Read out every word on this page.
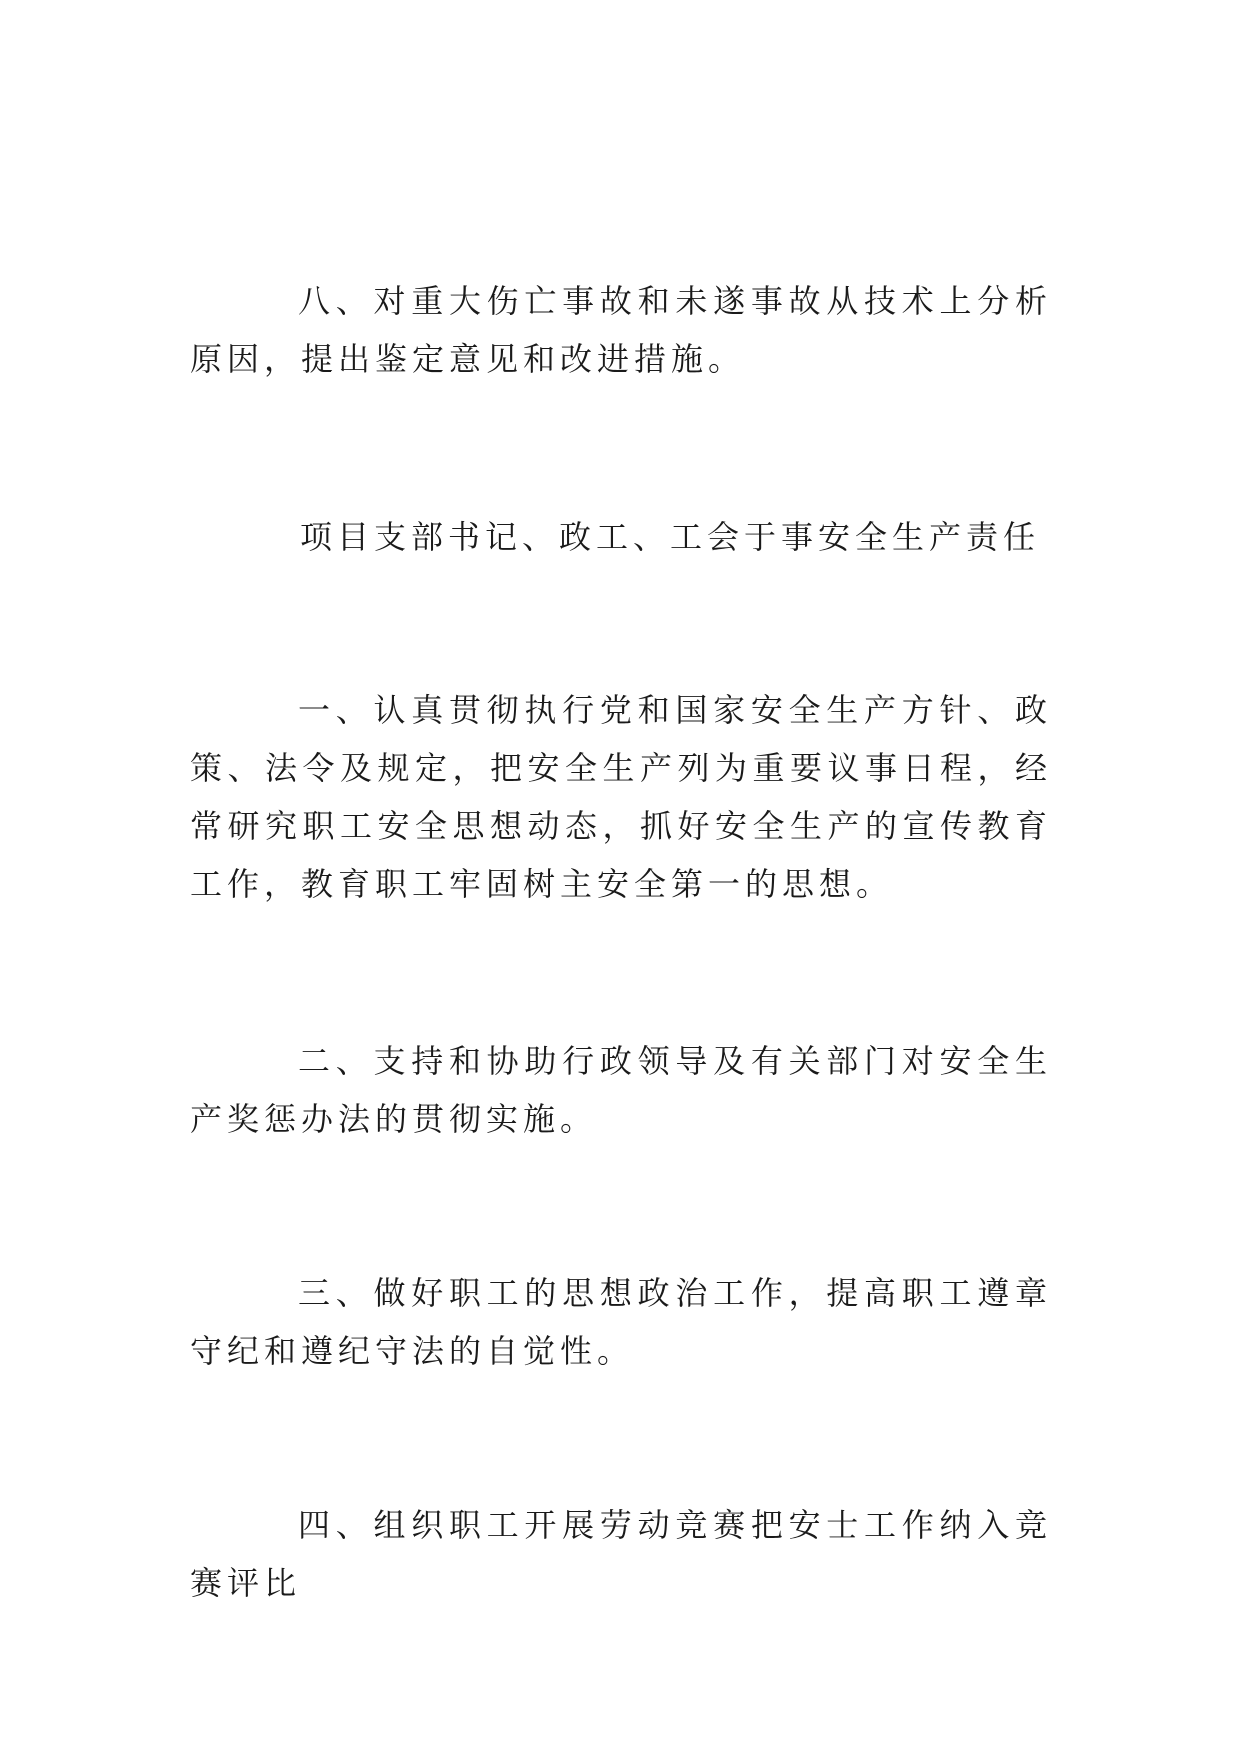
八、对重大伤亡事故和未遂事故从技术上分析原因，提出鉴定意见和改进措施。

项目支部书记、政工、工会于事安全生产责任

一、认真贯彻执行党和国家安全生产方针、政策、法令及规定，把安全生产列为重要议事日程，经常研究职工安全思想动态，抓好安全生产的宣传教育工作，教育职工牢固树主安全第一的思想。

二、支持和协助行政领导及有关部门对安全生产奖惩办法的贯彻实施。

三、做好职工的思想政治工作，提高职工遵章守纪和遵纪守法的自觉性。

四、组织职工开展劳动竞赛把安士工作纳入竞赛评比
